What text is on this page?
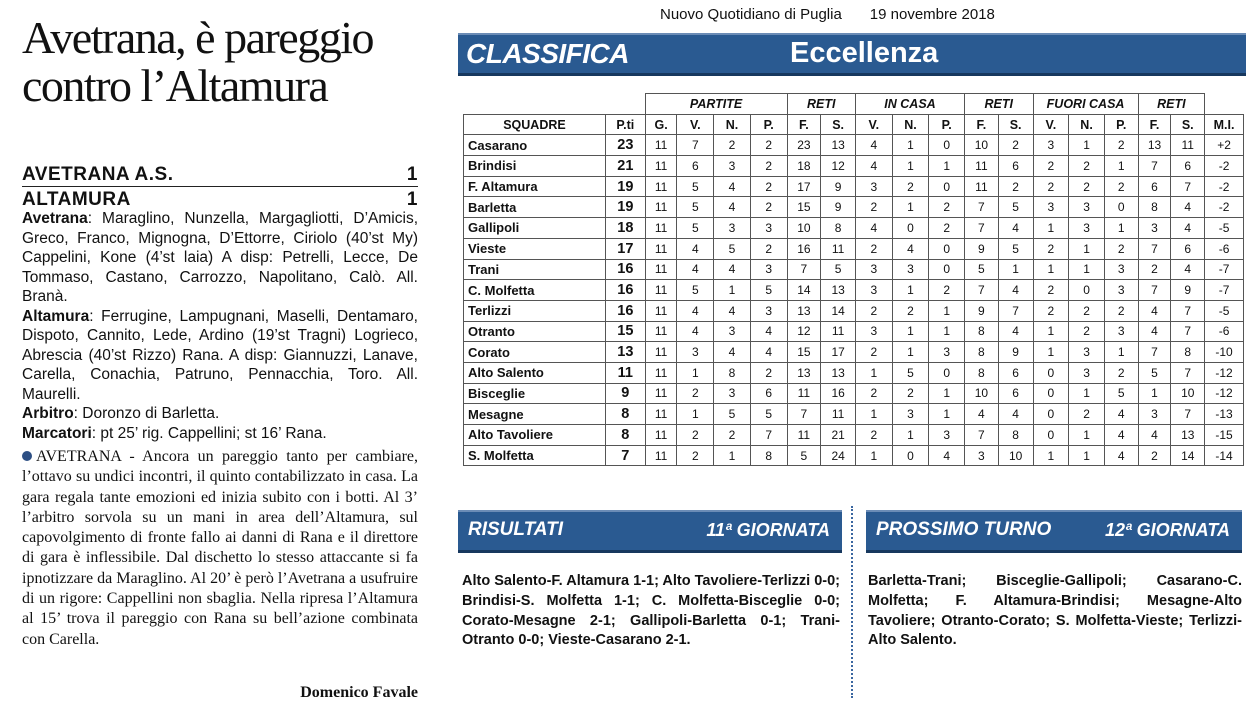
Nuovo Quotidiano di Puglia 19 novembre 2018
Avetrana, è pareggio
contro l’Altamura
AVETRANA A.S.	1
ALTAMURA	1

Avetrana: Maraglino, Nunzella, Margagliotti, D’Amicis, Greco, Franco, Mignogna, D’Ettorre, Ciriolo (40’st My) Cappelini, Kone (4’st laia) A disp: Petrelli, Lecce, De Tommaso, Castano, Carrozzo, Napolitano, Calò. All. Branà.

Altamura: Ferrugine, Lampugnani, Maselli, Dentamaro, Dispoto, Cannito, Lede, Ardino (19’st Tragni) Logrieco, Abrescia (40’st Rizzo) Rana. A disp: Giannuzzi, Lanave, Carella, Conachia, Patruno, Pennacchia, Toro. All. Maurelli.

Arbitro: Doronzo di Barletta.

Marcatori: pt 25’ rig. Cappellini; st 16’ Rana.

AVETRANA - Ancora un pareggio tanto per cambiare, l’ottavo su undici incontri, il quinto contabilizzato in casa. La gara regala tante emozioni ed inizia subito con i botti. Al 3’ l’arbitro sorvola su un mani in area dell’Altamura, sul capovolgimento di fronte fallo ai danni di Rana e il direttore di gara è inflessibile. Dal dischetto lo stesso attaccante si fa ipnotizzare da Maraglino. Al 20’ è però l’Avetrana a usufruire di un rigore: Cappellini non sbaglia. Nella ripresa l’Altamura al 15’ trova il pareggio con Rana su bell’azione combinata con Carella.
Domenico Favale
CLASSIFICA	Eccellenza
		PARTITE				RETI		IN CASA			RETI		FUORI CASA			RETI		
SQUADRE	P.ti	G.	V.	N.	P.	F.	S.	V.	N.	P.	F.	S.	V.	N.	P.	F.	S.	M.I.
Casarano	23	11	7	2	2	23	13	4	1	0	10	2	3	1	2	13	11	+2
Brindisi	21	11	6	3	2	18	12	4	1	1	11	6	2	2	1	7	6	-2
F. Altamura	19	11	5	4	2	17	9	3	2	0	11	2	2	2	2	6	7	-2
Barletta	19	11	5	4	2	15	9	2	1	2	7	5	3	3	0	8	4	-2
Gallipoli	18	11	5	3	3	10	8	4	0	2	7	4	1	3	1	3	4	-5
Vieste	17	11	4	5	2	16	11	2	4	0	9	5	2	1	2	7	6	-6
Trani	16	11	4	4	3	7	5	3	3	0	5	1	1	1	3	2	4	-7
C. Molfetta	16	11	5	1	5	14	13	3	1	2	7	4	2	0	3	7	9	-7
Terlizzi	16	11	4	4	3	13	14	2	2	1	9	7	2	2	2	4	7	-5
Otranto	15	11	4	3	4	12	11	3	1	1	8	4	1	2	3	4	7	-6
Corato	13	11	3	4	4	15	17	2	1	3	8	9	1	3	1	7	8	-10
Alto Salento	11	11	1	8	2	13	13	1	5	0	8	6	0	3	2	5	7	-12
Bisceglie	9	11	2	3	6	11	16	2	2	1	10	6	0	1	5	1	10	-12
Mesagne	8	11	1	5	5	7	11	1	3	1	4	4	0	2	4	3	7	-13
Alto Tavoliere	8	11	2	2	7	11	21	2	1	3	7	8	0	1	4	4	13	-15
S. Molfetta	7	11	2	1	8	5	24	1	0	4	3	10	1	1	4	2	14	-14
RISULTATI	11ª GIORNATA PROSSIMO TURNO	12ª GIORNATA
Alto Salento-F. Altamura 1-1; Alto Tavoliere-Terlizzi 0-0; Brindisi-S. Molfetta 1-1; C. Molfetta-Bisceglie 0-0; Corato-Mesagne 2-1; Gallipoli-Barletta 0-1; Trani-Otranto 0-0; Vieste-Casarano 2-1.
Barletta-Trani; Bisceglie-Gallipoli; Casarano-C. Molfetta; F. Altamura-Brindisi; Mesagne-Alto Tavoliere; Otranto-Corato; S. Molfetta-Vieste; Terlizzi-Alto Salento.
